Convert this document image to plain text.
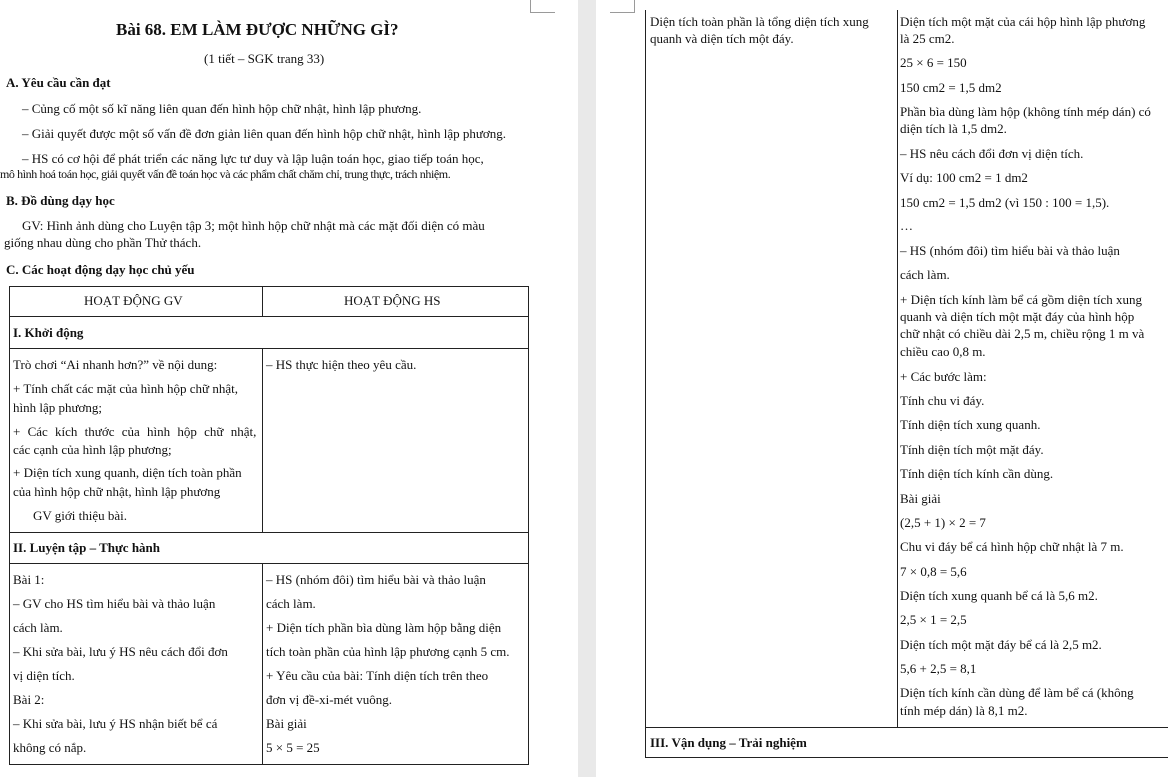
Bài 68. EM LÀM ĐƯỢC NHỮNG GÌ?
(1 tiết – SGK trang 33)
A. Yêu cầu cần đạt
– Củng cố một số kĩ năng liên quan đến hình hộp chữ nhật, hình lập phương.
– Giải quyết được một số vấn đề đơn giản liên quan đến hình hộp chữ nhật, hình lập phương.
– HS có cơ hội để phát triển các năng lực tư duy và lập luận toán học, giao tiếp toán học,
mô hình hoá toán học, giải quyết vấn đề toán học và các phẩm chất chăm chỉ, trung thực, trách nhiệm.
B. Đồ dùng dạy học
GV: Hình ảnh dùng cho Luyện tập 3; một hình hộp chữ nhật mà các mặt đối diện có màu
giống nhau dùng cho phần Thử thách.
C. Các hoạt động dạy học chủ yếu
HOẠT ĐỘNG GV	HOẠT ĐỘNG HS
I. Khởi động
Trò chơi “Ai nhanh hơn?” về nội dung:
+ Tính chất các mặt của hình hộp chữ nhật,
hình lập phương;
+ Các kích thước của hình hộp chữ nhật,
các cạnh của hình lập phương;
+ Diện tích xung quanh, diện tích toàn phần
của hình hộp chữ nhật, hình lập phương
GV giới thiệu bài.
– HS thực hiện theo yêu cầu.
II. Luyện tập – Thực hành
Bài 1:
– GV cho HS tìm hiểu bài và thảo luận
cách làm.
– Khi sửa bài, lưu ý HS nêu cách đổi đơn
vị diện tích.
Bài 2:
– Khi sửa bài, lưu ý HS nhận biết bể cá
không có nắp.
– HS (nhóm đôi) tìm hiểu bài và thảo luận
cách làm.
+ Diện tích phần bìa dùng làm hộp bằng diện
tích toàn phần của hình lập phương cạnh 5 cm.
+ Yêu cầu của bài: Tính diện tích trên theo
đơn vị đề-xi-mét vuông.
Bài giải
5 × 5 = 25
Diện tích toàn phần là tổng diện tích xung
quanh và diện tích một đáy.
Diện tích một mặt của cái hộp hình lập phương
là 25 cm2.
25 × 6 = 150
150 cm2 = 1,5 dm2
Phần bìa dùng làm hộp (không tính mép dán) có
diện tích là 1,5 dm2.
– HS nêu cách đổi đơn vị diện tích.
Ví dụ: 100 cm2 = 1 dm2
150 cm2 = 1,5 dm2 (vì 150 : 100 = 1,5).
…
– HS (nhóm đôi) tìm hiểu bài và thảo luận
cách làm.
+ Diện tích kính làm bể cá gồm diện tích xung
quanh và diện tích một mặt đáy của hình hộp
chữ nhật có chiều dài 2,5 m, chiều rộng 1 m và
chiều cao 0,8 m.
+ Các bước làm:
Tính chu vi đáy.
Tính diện tích xung quanh.
Tính diện tích một mặt đáy.
Tính diện tích kính cần dùng.
Bài giải
(2,5 + 1) × 2 = 7
Chu vi đáy bể cá hình hộp chữ nhật là 7 m.
7 × 0,8 = 5,6
Diện tích xung quanh bể cá là 5,6 m2.
2,5 × 1 = 2,5
Diện tích một mặt đáy bể cá là 2,5 m2.
5,6 + 2,5 = 8,1
Diện tích kính cần dùng để làm bể cá (không
tính mép dán) là 8,1 m2.
III. Vận dụng – Trải nghiệm
